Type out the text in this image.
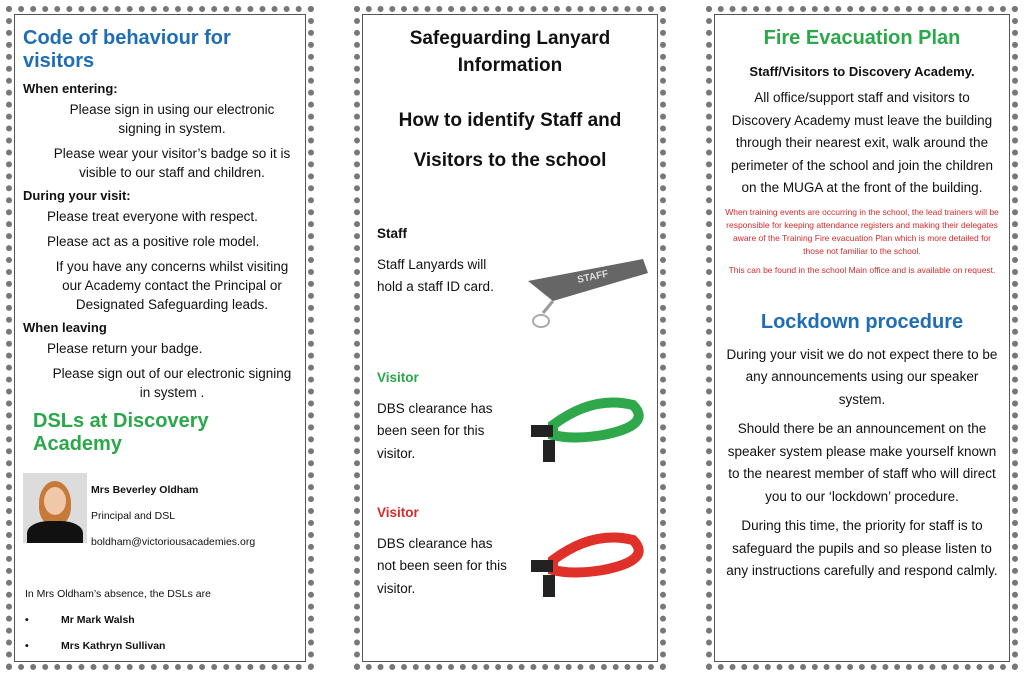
Code of behaviour for visitors
When entering:
Please sign in using our electronic signing in system.
Please wear your visitor’s badge so it is visible to our staff and children.
During your visit:
Please treat everyone with respect.
Please act as a positive role model.
If you have any concerns whilst visiting our Academy contact the Principal or Designated Safeguarding leads.
When leaving
Please return your badge.
Please sign out of our electronic signing in system .
DSLs at Discovery Academy
Mrs Beverley Oldham
Principal and DSL
boldham@victoriousacademies.org
In Mrs Oldham’s absence, the DSLs are
•	Mr Mark Walsh
•	Mrs Kathryn Sullivan
Safeguarding Lanyard Information
How to identify Staff and Visitors to the school
Staff
Staff Lanyards will hold a staff ID card.
STAFF
Visitor
DBS clearance has been seen for this visitor.
Visitor
DBS clearance has not been seen for this visitor.
Fire Evacuation Plan
Staff/Visitors to Discovery Academy.
All office/support staff and visitors to Discovery Academy must leave the building through their nearest exit, walk around the perimeter of the school and join the children on the MUGA at the front of the building.
When training events are occurring in the school, the lead trainers will be responsible for keeping attendance registers and making their delegates aware of the Training Fire evacuation Plan which is more detailed for those not familiar to the school.
This can be found in the school Main office and is available on request.
Lockdown procedure
During your visit we do not expect there to be any announcements using our speaker system.
Should there be an announcement on the speaker system please make yourself known to the nearest member of staff who will direct you to our ‘lockdown’ procedure.
During this time, the priority for staff is to safeguard the pupils and so please listen to any instructions carefully and respond calmly.
